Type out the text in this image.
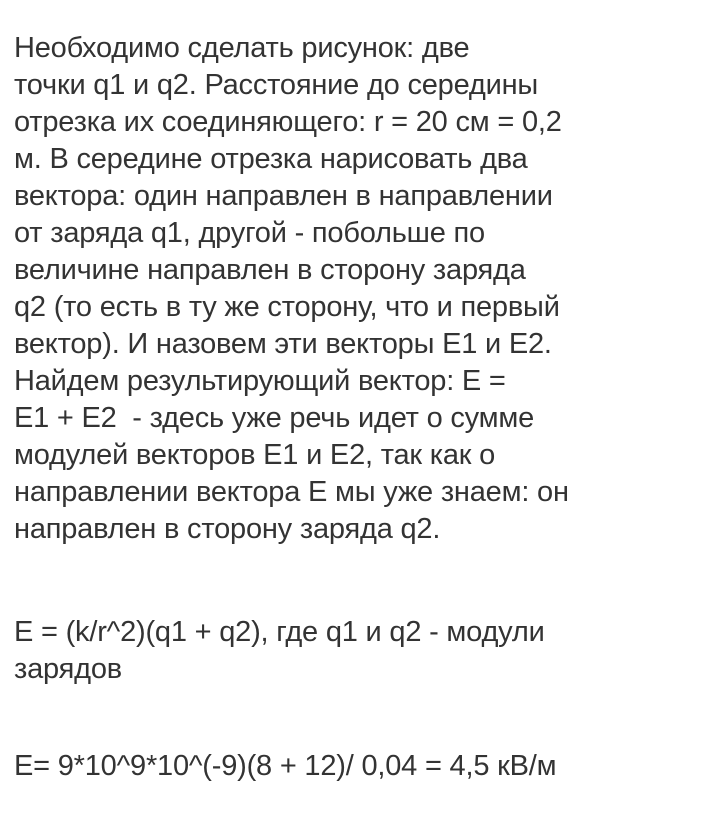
Необходимо сделать рисунок: две
точки q1 и q2. Расстояние до середины
отрезка их соединяющего: r = 20 см = 0,2
м. В середине отрезка нарисовать два
вектора: один направлен в направлении
от заряда q1, другой - побольше по
величине направлен в сторону заряда
q2 (то есть в ту же сторону, что и первый
вектор). И назовем эти векторы E1 и E2.
Найдем результирующий вектор: E =
E1 + E2  - здесь уже речь идет о сумме
модулей векторов E1 и E2, так как о
направлении вектора E мы уже знаем: он
направлен в сторону заряда q2.
E = (k/r^2)(q1 + q2), где q1 и q2 - модули
зарядов
E= 9*10^9*10^(-9)(8 + 12)/ 0,04 = 4,5 кВ/м
